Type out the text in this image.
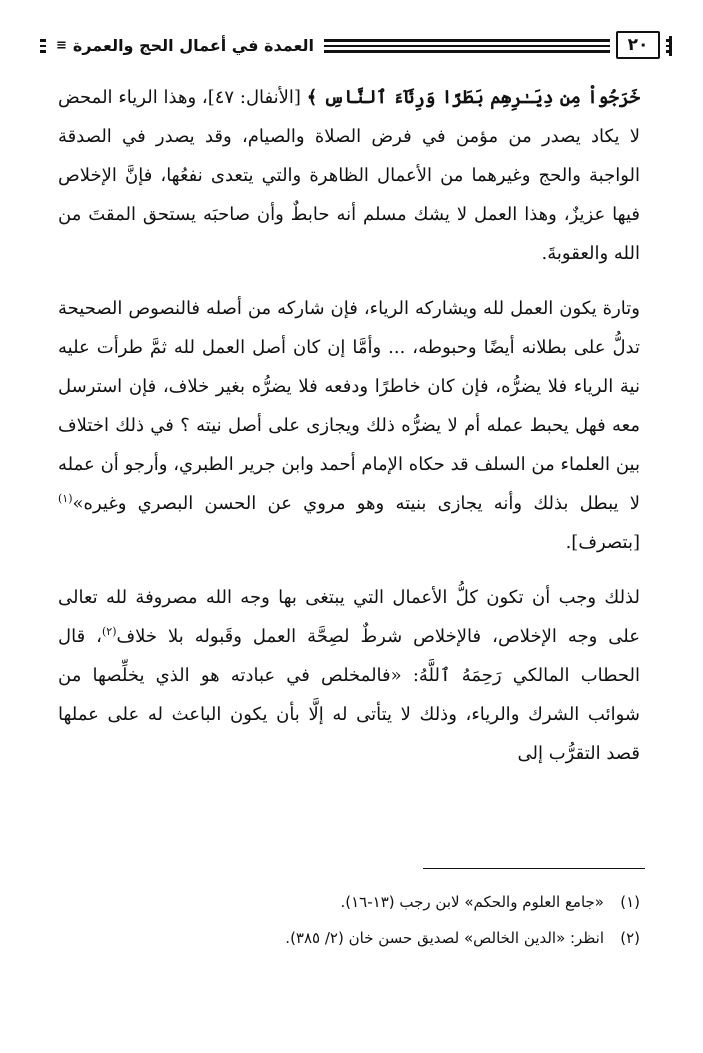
٢٠
العمدة في أعمال الحج والعمرة
≡

خَرَجُواْ مِن دِيَـٰرِهِم بَطَرًا وَرِئَآءَ ٱلنَّاسِ ﴾ [الأنفال: ٤٧]، وهذا الرياء المحض لا يكاد يصدر من مؤمن في فرض الصلاة والصيام، وقد يصدر في الصدقة الواجبة والحج وغيرهما من الأعمال الظاهرة والتي يتعدى نفعُها، فإنَّ الإخلاص فيها عزيزٌ، وهذا العمل لا يشك مسلم أنه حابطٌ وأن صاحبَه يستحق المقتَ من الله والعقوبةَ.

وتارة يكون العمل لله ويشاركه الرياء، فإن شاركه من أصله فالنصوص الصحيحة تدلُّ على بطلانه أيضًا وحبوطه، ... وأمَّا إن كان أصل العمل لله ثمَّ طرأت عليه نية الرياء فلا يضرُّه، فإن كان خاطرًا ودفعه فلا يضرُّه بغير خلاف، فإن استرسل معه فهل يحبط عمله أم لا يضرُّه ذلك ويجازى على أصل نيته ؟ في ذلك اختلاف بين العلماء من السلف قد حكاه الإمام أحمد وابن جرير الطبري، وأرجو أن عمله لا يبطل بذلك وأنه يجازى بنيته وهو مروي عن الحسن البصري وغيره»$^{(١)}$ [بتصرف].

لذلك وجب أن تكون كلُّ الأعمال التي يبتغى بها وجه الله مصروفة لله تعالى على وجه الإخلاص، فالإخلاص شرطٌ لصِحَّة العمل وقَبوله بلا خلاف$^{(٢)}$، قال الحطاب المالكي رَحِمَهُ ٱللَّهُ: «فالمخلص في عبادته هو الذي يخلِّصها من شوائب الشرك والرياء، وذلك لا يتأتى له إلَّا بأن يكون الباعث له على عملها قصد التقرُّب إلى

(١)
«جامع العلوم والحكم» لابن رجب (١٣-١٦).
(٢)
انظر: «الدين الخالص» لصديق حسن خان (٢/ ٣٨٥).
